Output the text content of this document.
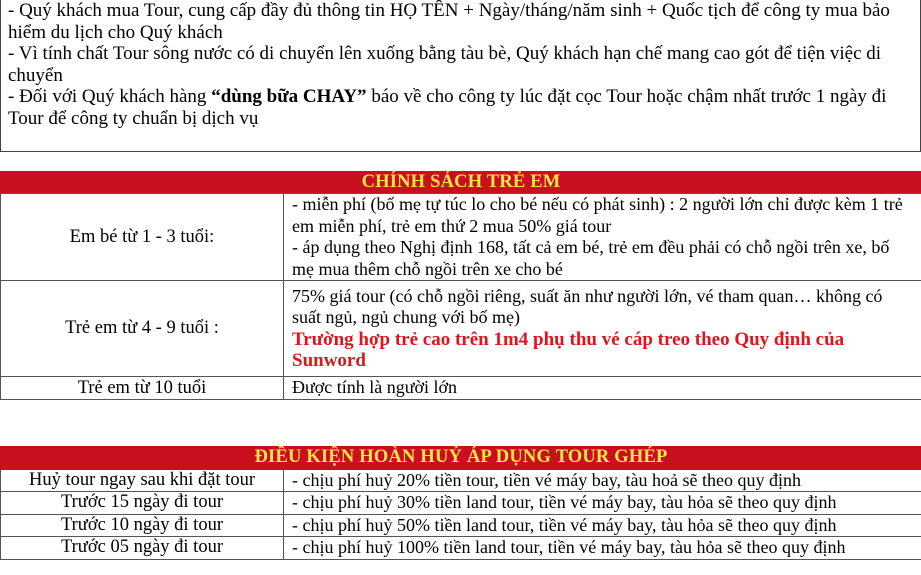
- Quý khách mua Tour, cung cấp đầy đủ thông tin HỌ TÊN + Ngày/tháng/năm sinh + Quốc tịch để công ty mua bảo hiểm du lịch cho Quý khách

- Vì tính chất Tour sông nước có di chuyển lên xuống bằng tàu bè, Quý khách hạn chế mang cao gót để tiện việc di chuyển

- Đối với Quý khách hàng “dùng bữa CHAY” báo về cho công ty lúc đặt cọc Tour hoặc chậm nhất trước 1 ngày đi Tour để công ty chuẩn bị dịch vụ

CHÍNH SÁCH TRẺ EM	
Em bé từ 1 - 3 tuổi:	- miễn phí (bố mẹ tự túc lo cho bé nếu có phát sinh) : 2 người lớn chỉ được kèm 1 trẻ em miễn phí, trẻ em thứ 2 mua 50% giá tour
- áp dụng theo Nghị định 168, tất cả em bé, trẻ em đều phải có chỗ ngồi trên xe, bố mẹ mua thêm chỗ ngồi trên xe cho bé

Trẻ em từ 4 - 9 tuổi :	75% giá tour (có chỗ ngồi riêng, suất ăn như người lớn, vé tham quan… không có suất ngủ, ngủ chung với bố mẹ)
Trường hợp trẻ cao trên 1m4 phụ thu vé cáp treo theo Quy định của Sunword

Trẻ em từ 10 tuổi	Được tính là người lớn
ĐIỀU KIỆN HOÀN HUỶ ÁP DỤNG TOUR GHÉP	
Huỷ tour ngay sau khi đặt tour	- chịu phí huỷ 20% tiền tour, tiền vé máy bay, tàu hoả sẽ theo quy định
Trước 15 ngày đi tour	- chịu phí huỷ 30% tiền land tour, tiền vé máy bay, tàu hỏa sẽ theo quy định
Trước 10 ngày đi tour	- chịu phí huỷ 50% tiền land tour, tiền vé máy bay, tàu hỏa sẽ theo quy định
Trước 05 ngày đi tour	- chịu phí huỷ 100% tiền land tour, tiền vé máy bay, tàu hỏa sẽ theo quy định
